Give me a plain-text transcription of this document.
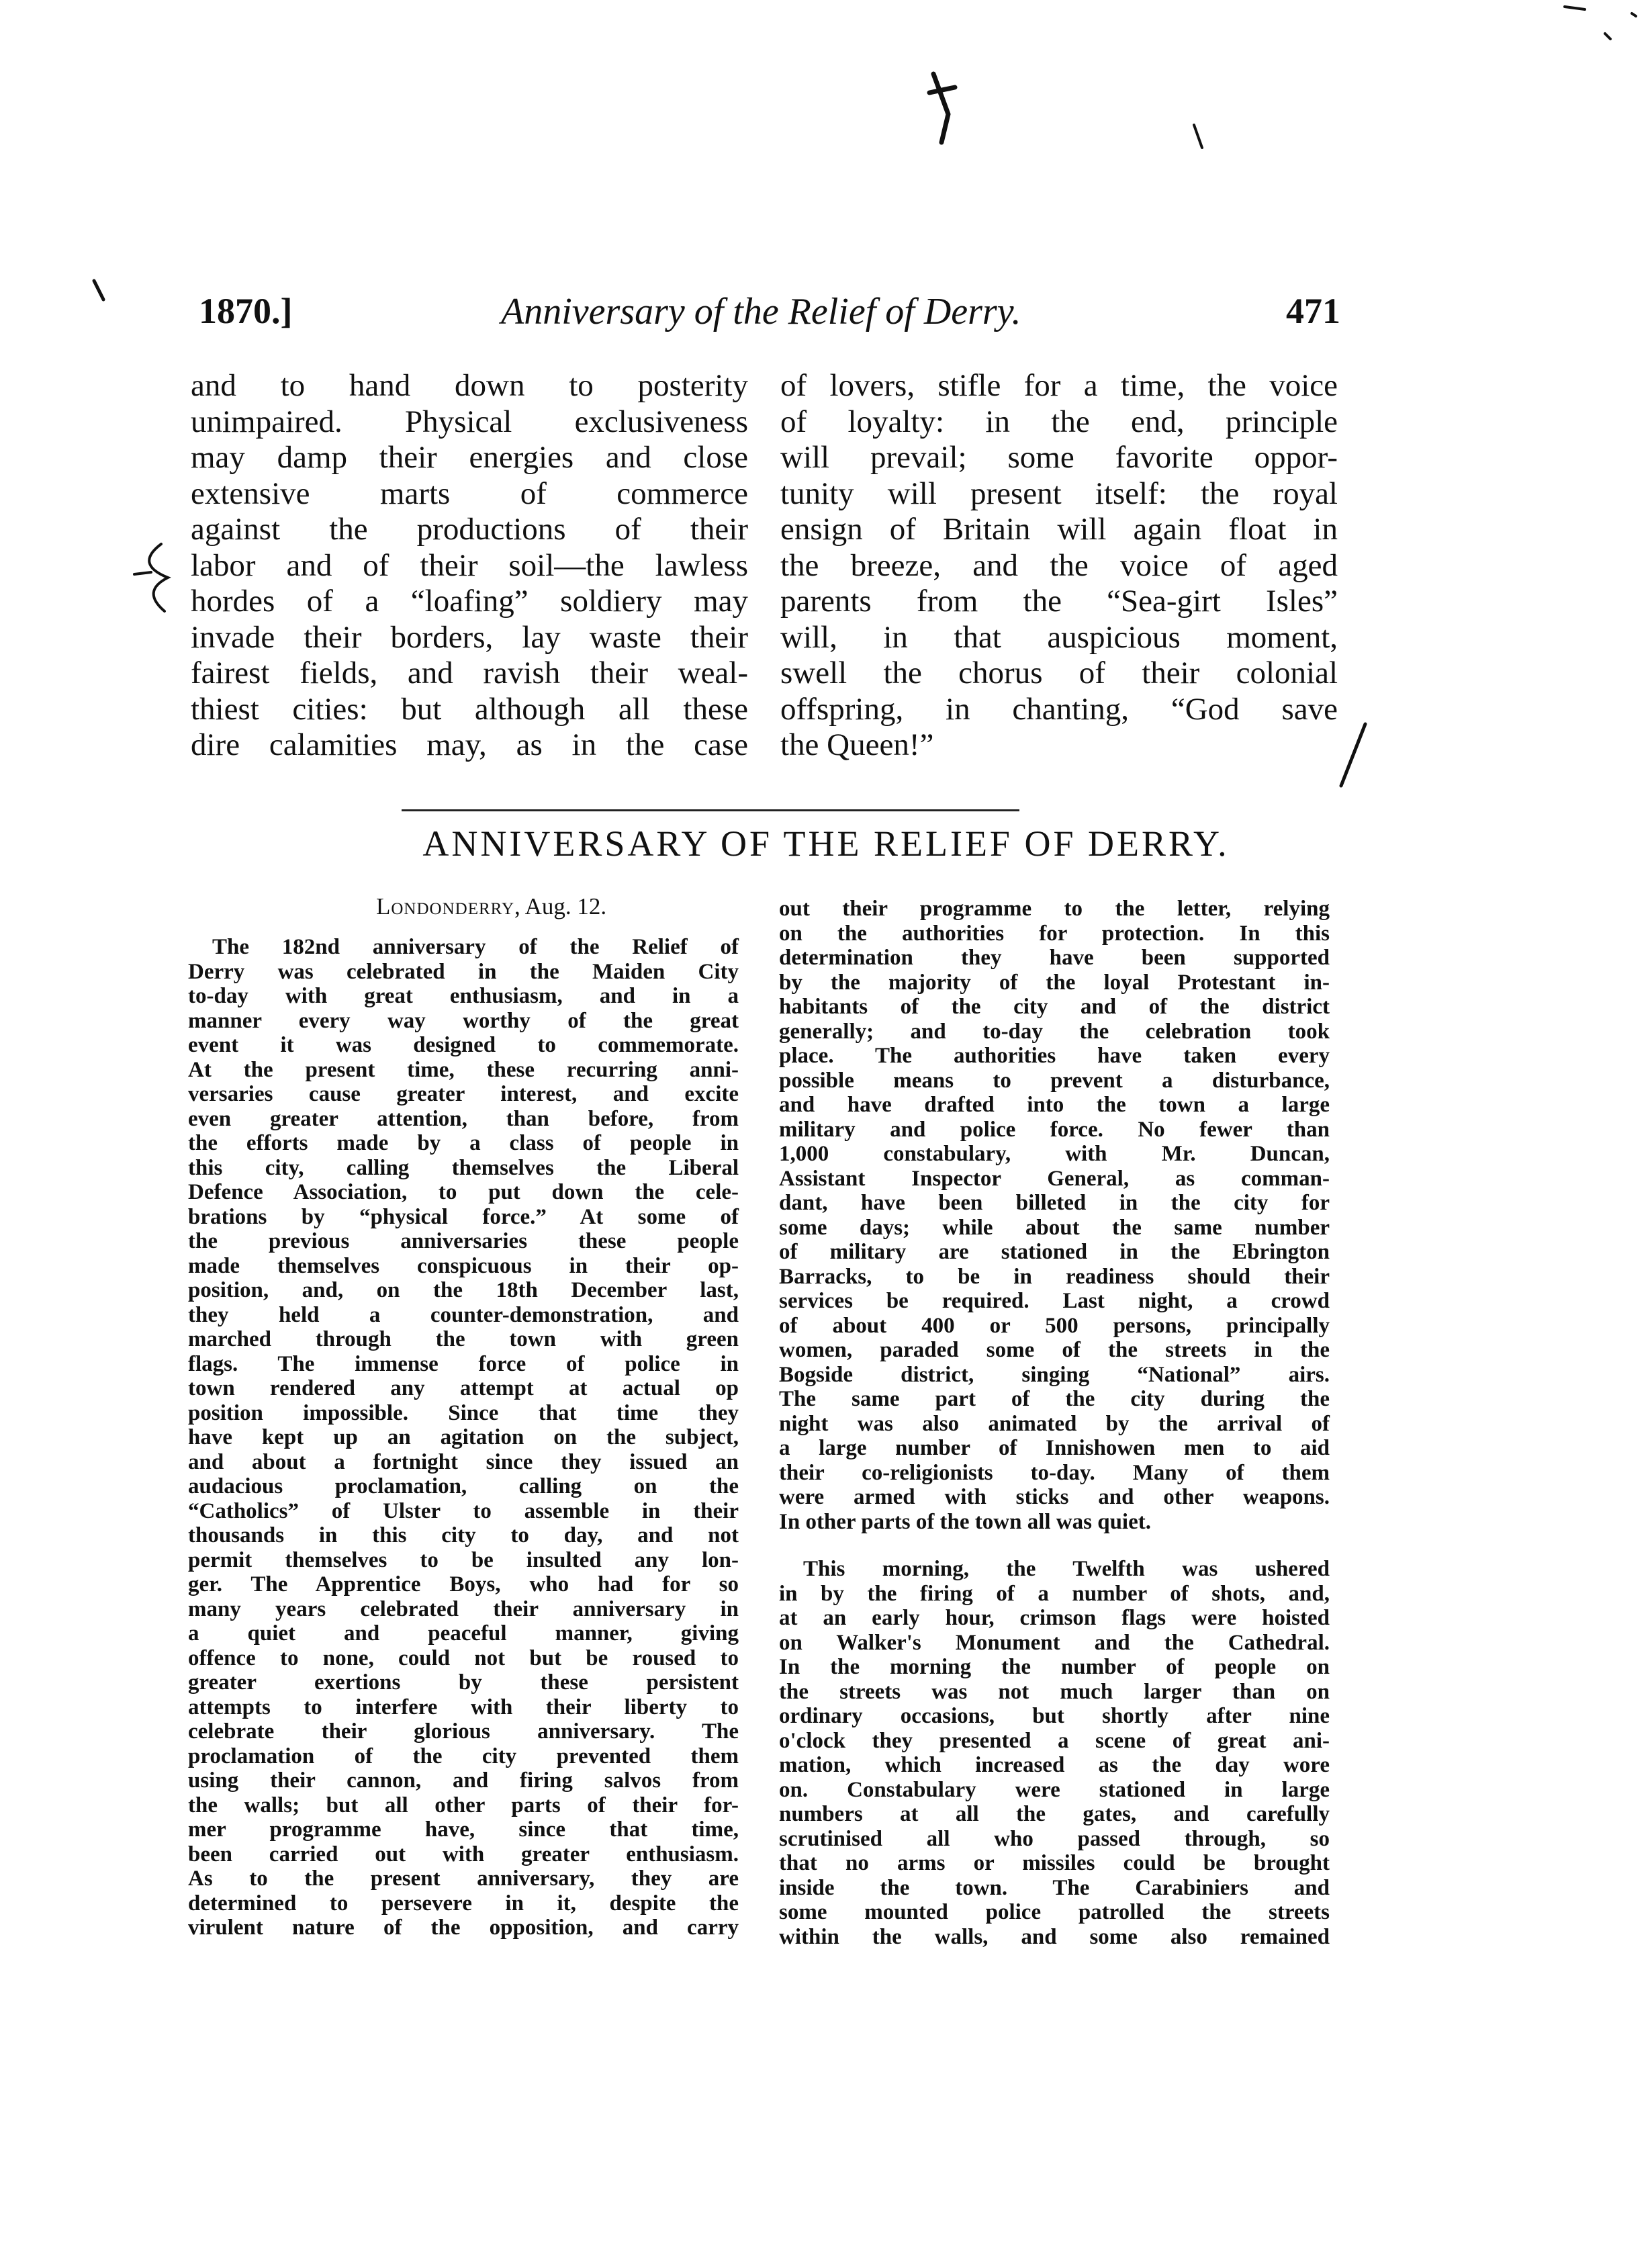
1870.]	Anniversary of the Relief of Derry.	471
and to hand down to posterity
unimpaired. Physical exclusiveness
may damp their energies and close
extensive marts of commerce
against the productions of their
labor and of their soil—the lawless
hordes of a “loafing” soldiery may
invade their borders, lay waste their
fairest fields, and ravish their weal-
thiest cities: but although all these
dire calamities may, as in the case
of lovers, stifle for a time, the voice
of loyalty: in the end, principle
will prevail; some favorite oppor-
tunity will present itself: the royal
ensign of Britain will again float in
the breeze, and the voice of aged
parents from the “Sea-girt Isles”
will, in that auspicious moment,
swell the chorus of their colonial
offspring, in chanting, “God save
the Queen!”
ANNIVERSARY OF THE RELIEF OF DERRY.
Londonderry, Aug. 12.
The 182nd anniversary of the Relief of
Derry was celebrated in the Maiden City
to-day with great enthusiasm, and in a
manner every way worthy of the great
event it was designed to commemorate.
At the present time, these recurring anni-
versaries cause greater interest, and excite
even greater attention, than before, from
the efforts made by a class of people in
this city, calling themselves the Liberal
Defence Association, to put down the cele-
brations by “physical force.” At some of
the previous anniversaries these people
made themselves conspicuous in their op-
position, and, on the 18th December last,
they held a counter-demonstration, and
marched through the town with green
flags. The immense force of police in
town rendered any attempt at actual op
position impossible. Since that time they
have kept up an agitation on the subject,
and about a fortnight since they issued an
audacious proclamation, calling on the
“Catholics” of Ulster to assemble in their
thousands in this city to day, and not
permit themselves to be insulted any lon-
ger. The Apprentice Boys, who had for so
many years celebrated their anniversary in
a quiet and peaceful manner, giving
offence to none, could not but be roused to
greater exertions by these persistent
attempts to interfere with their liberty to
celebrate their glorious anniversary. The
proclamation of the city prevented them
using their cannon, and firing salvos from
the walls; but all other parts of their for-
mer programme have, since that time,
been carried out with greater enthusiasm.
As to the present anniversary, they are
determined to persevere in it, despite the
virulent nature of the opposition, and carry
out their programme to the letter, relying
on the authorities for protection. In this
determination they have been supported
by the majority of the loyal Protestant in-
habitants of the city and of the district
generally; and to-day the celebration took
place. The authorities have taken every
possible means to prevent a disturbance,
and have drafted into the town a large
military and police force. No fewer than
1,000 constabulary, with Mr. Duncan,
Assistant Inspector General, as comman-
dant, have been billeted in the city for
some days; while about the same number
of military are stationed in the Ebrington
Barracks, to be in readiness should their
services be required. Last night, a crowd
of about 400 or 500 persons, principally
women, paraded some of the streets in the
Bogside district, singing “National” airs.
The same part of the city during the
night was also animated by the arrival of
a large number of Innishowen men to aid
their co-religionists to-day. Many of them
were armed with sticks and other weapons.
In other parts of the town all was quiet.
This morning, the Twelfth was ushered
in by the firing of a number of shots, and,
at an early hour, crimson flags were hoisted
on Walker's Monument and the Cathedral.
In the morning the number of people on
the streets was not much larger than on
ordinary occasions, but shortly after nine
o'clock they presented a scene of great ani-
mation, which increased as the day wore
on. Constabulary were stationed in large
numbers at all the gates, and carefully
scrutinised all who passed through, so
that no arms or missiles could be brought
inside the town. The Carabiniers and
some mounted police patrolled the streets
within the walls, and some also remained
